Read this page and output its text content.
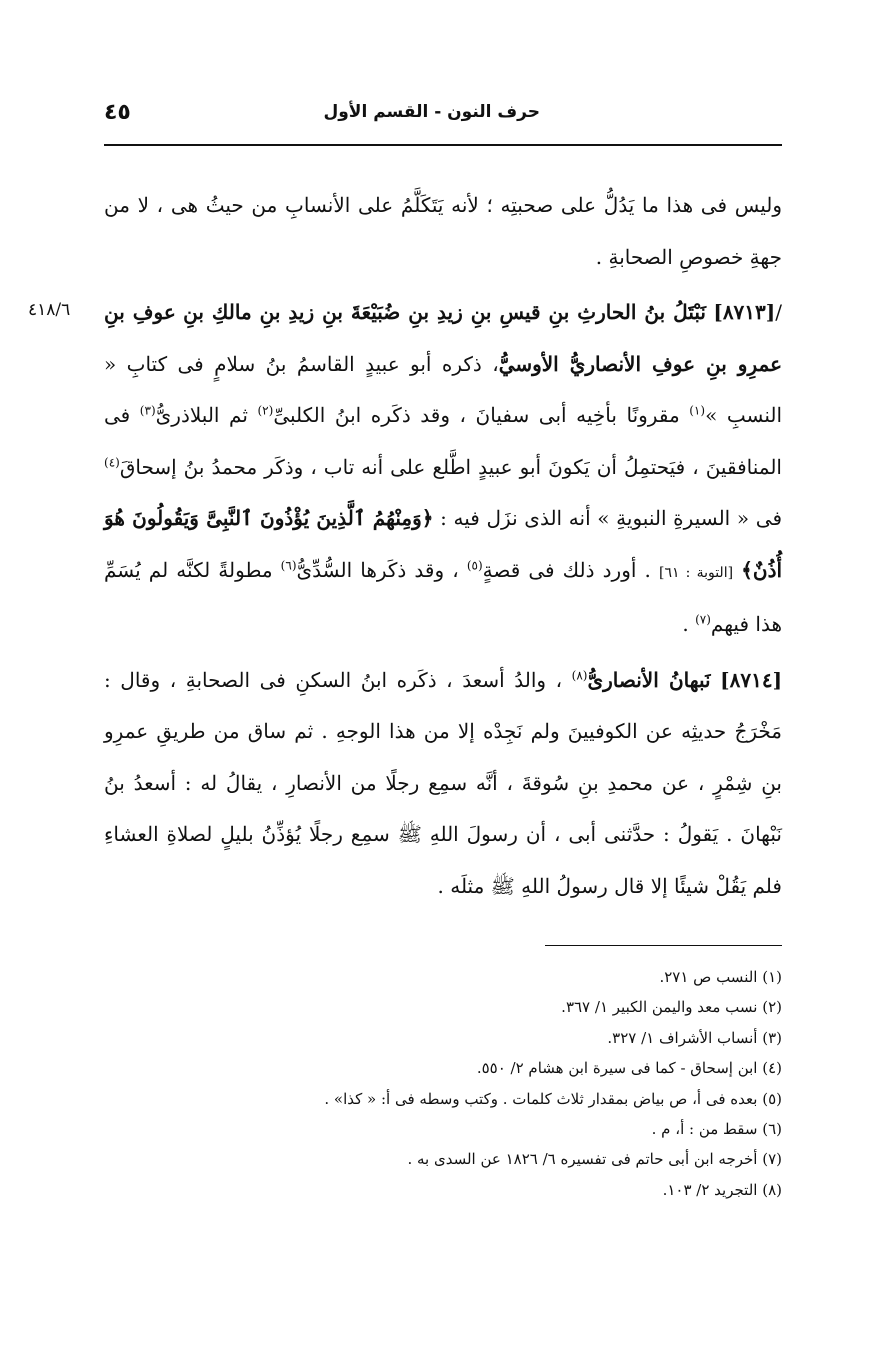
٤٥	حرف النون - القسم الأول
٤١٨/٦

وليس فى هذا ما يَدُلُّ على صحبتِه ؛ لأنه يَتَكَلَّمُ على الأنسابِ من حيثُ هى ، لا من جهةِ خصوصِ الصحابةِ .

/[٨٧١٣] نَبْتَلُ بنُ الحارثِ بنِ قيسِ بنِ زيدِ بنِ ضُبَيْعَةَ بنِ زيدِ بنِ مالكِ بنِ عوفِ بنِ عمرِو بنِ عوفِ الأنصاريُّ الأوسيُّ، ذكره أبو عبيدٍ القاسمُ بنُ سلامٍ فى كتابِ « النسبِ »$^{(١)}$ مقرونًا بأخِيه أبى سفيانَ ، وقد ذكَره ابنُ الكلبىِّ$^{(٢)}$ ثم البلاذرىُّ$^{(٣)}$ فى المنافقينَ ، فيَحتمِلُ أن يَكونَ أبو عبيدٍ اطَّلع على أنه تاب ، وذكَر محمدُ بنُ إسحاقَ$^{(٤)}$ فى « السيرةِ النبويةِ » أنه الذى نزَل فيه : ﴿وَمِنْهُمُ ٱلَّذِينَ يُؤْذُونَ ٱلنَّبِىَّ وَيَقُولُونَ هُوَ أُذُنٌ﴾ [التوبة : ٦١] . أورد ذلك فى قصةٍ$^{(٥)}$ ، وقد ذكَرها السُّدِّىُّ$^{(٦)}$ مطولةً لكنَّه لم يُسَمِّ هذا فيهم$^{(٧)}$ .

[٨٧١٤] نَبهانُ الأنصارىُّ$^{(٨)}$ ، والدُ أسعدَ ، ذكَره ابنُ السكنِ فى الصحابةِ ، وقال : مَخْرَجُ حديثِه عن الكوفيينَ ولم نَجِدْه إلا من هذا الوجهِ . ثم ساق من طريقِ عمرِو بنِ شِمْرٍ ، عن محمدِ بنِ سُوقةَ ، أنَّه سمِع رجلًا من الأنصارِ ، يقالُ له : أسعدُ بنُ نَبْهانَ . يَقولُ : حدَّثنى أبى ، أن رسولَ اللهِ ﷺ سمِع رجلًا يُؤذِّنُ بليلٍ لصلاةِ العشاءِ فلم يَقُلْ شيئًا إلا قال رسولُ اللهِ ﷺ مثلَه .

(١) النسب ص ٢٧١.
(٢) نسب معد واليمن الكبير ١/ ٣٦٧.
(٣) أنساب الأشراف ١/ ٣٢٧.
(٤) ابن إسحاق - كما فى سيرة ابن هشام ٢/ ٥٥٠.
(٥) بعده فى أ، ص بياض بمقدار ثلاث كلمات . وكتب وسطه فى أ: « كذا» .
(٦) سقط من : أ، م .
(٧) أخرجه ابن أبى حاتم فى تفسيره ٦/ ١٨٢٦ عن السدى به .
(٨) التجريد ٢/ ١٠٣.
